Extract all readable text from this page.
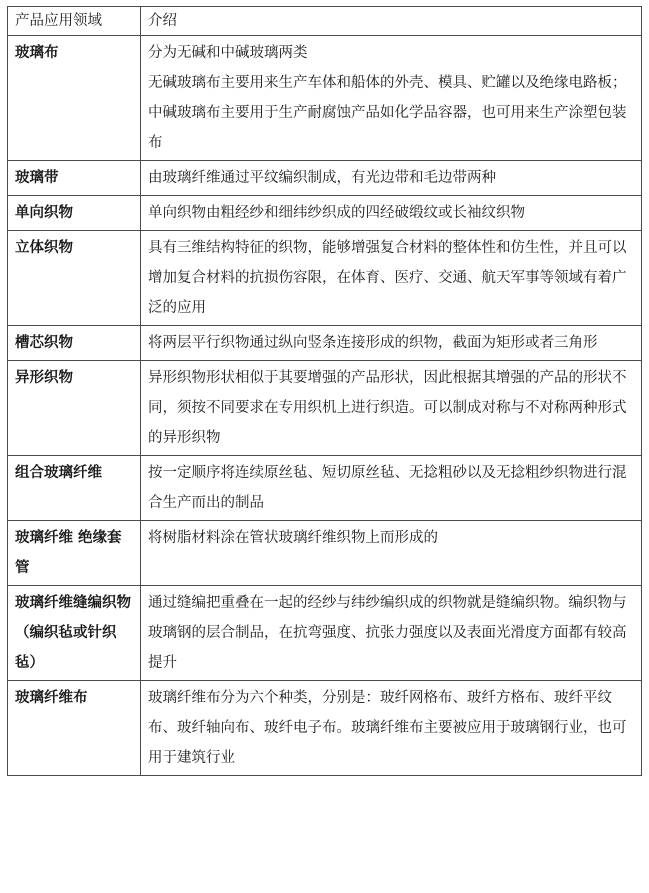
产品应用领域	介绍
玻璃布	分为无碱和中碱玻璃两类

无碱玻璃布主要用来生产车体和船体的外壳、模具、贮罐以及绝缘电路板；中碱玻璃布主要用于生产耐腐蚀产品如化学品容器，也可用来生产涂塑包装布

玻璃带	由玻璃纤维通过平纹编织制成，有光边带和毛边带两种

单向织物	单向织物由粗经纱和细纬纱织成的四经破缎纹或长袖纹织物

立体织物	具有三维结构特征的织物，能够增强复合材料的整体性和仿生性，并且可以增加复合材料的抗损伤容限，在体育、医疗、交通、航天军事等领域有着广泛的应用

槽芯织物	将两层平行织物通过纵向竖条连接形成的织物，截面为矩形或者三角形

异形织物	异形织物形状相似于其要增强的产品形状，因此根据其增强的产品的形状不同，须按不同要求在专用织机上进行织造。可以制成对称与不对称两种形式的异形织物

组合玻璃纤维	按一定顺序将连续原丝毡、短切原丝毡、无捻粗砂以及无捻粗纱织物进行混合生产而出的制品

玻璃纤维 绝缘套管	将树脂材料涂在管状玻璃纤维织物上而形成的

玻璃纤维缝编织物（编织毡或针织毡）	通过缝编把重叠在一起的经纱与纬纱编织成的织物就是缝编织物。编织物与玻璃钢的层合制品，在抗弯强度、抗张力强度以及表面光滑度方面都有较高提升

玻璃纤维布	玻璃纤维布分为六个种类，分别是：玻纤网格布、玻纤方格布、玻纤平纹布、玻纤轴向布、玻纤电子布。玻璃纤维布主要被应用于玻璃钢行业，也可用于建筑行业
